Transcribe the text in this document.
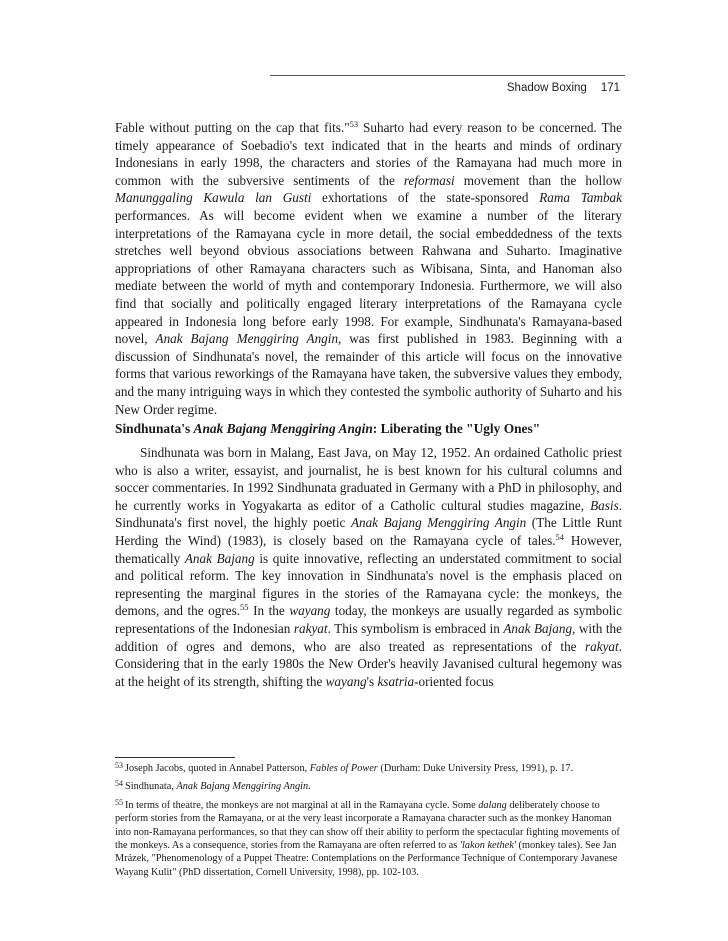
Shadow Boxing 171
Fable without putting on the cap that fits."$^{53}$ Suharto had every reason to be concerned. The timely appearance of Soebadio's text indicated that in the hearts and minds of ordinary Indonesians in early 1998, the characters and stories of the Ramayana had much more in common with the subversive sentiments of the reformasi movement than the hollow Manunggaling Kawula lan Gusti exhortations of the state-sponsored Rama Tambak performances. As will become evident when we examine a number of the literary interpretations of the Ramayana cycle in more detail, the social embeddedness of the texts stretches well beyond obvious associations between Rahwana and Suharto. Imaginative appropriations of other Ramayana characters such as Wibisana, Sinta, and Hanoman also mediate between the world of myth and contemporary Indonesia. Furthermore, we will also find that socially and politically engaged literary interpretations of the Ramayana cycle appeared in Indonesia long before early 1998. For example, Sindhunata's Ramayana-based novel, Anak Bajang Menggiring Angin, was first published in 1983. Beginning with a discussion of Sindhunata's novel, the remainder of this article will focus on the innovative forms that various reworkings of the Ramayana have taken, the subversive values they embody, and the many intriguing ways in which they contested the symbolic authority of Suharto and his New Order regime.
Sindhunata's Anak Bajang Menggiring Angin: Liberating the "Ugly Ones"
Sindhunata was born in Malang, East Java, on May 12, 1952. An ordained Catholic priest who is also a writer, essayist, and journalist, he is best known for his cultural columns and soccer commentaries. In 1992 Sindhunata graduated in Germany with a PhD in philosophy, and he currently works in Yogyakarta as editor of a Catholic cultural studies magazine, Basis. Sindhunata's first novel, the highly poetic Anak Bajang Menggiring Angin (The Little Runt Herding the Wind) (1983), is closely based on the Ramayana cycle of tales.$^{54}$ However, thematically Anak Bajang is quite innovative, reflecting an understated commitment to social and political reform. The key innovation in Sindhunata's novel is the emphasis placed on representing the marginal figures in the stories of the Ramayana cycle: the monkeys, the demons, and the ogres.$^{55}$ In the wayang today, the monkeys are usually regarded as symbolic representations of the Indonesian rakyat. This symbolism is embraced in Anak Bajang, with the addition of ogres and demons, who are also treated as representations of the rakyat. Considering that in the early 1980s the New Order's heavily Javanised cultural hegemony was at the height of its strength, shifting the wayang's ksatria-oriented focus
$^{53}$ Joseph Jacobs, quoted in Annabel Patterson, Fables of Power (Durham: Duke University Press, 1991), p. 17.
$^{54}$ Sindhunata, Anak Bajang Menggiring Angin.
$^{55}$ In terms of theatre, the monkeys are not marginal at all in the Ramayana cycle. Some dalang deliberately choose to perform stories from the Ramayana, or at the very least incorporate a Ramayana character such as the monkey Hanoman into non-Ramayana performances, so that they can show off their ability to perform the spectacular fighting movements of the monkeys. As a consequence, stories from the Ramayana are often referred to as 'lakon kethek' (monkey tales). See Jan Mrázek, "Phenomenology of a Puppet Theatre: Contemplations on the Performance Technique of Contemporary Javanese Wayang Kulit" (PhD dissertation, Cornell University, 1998), pp. 102-103.
